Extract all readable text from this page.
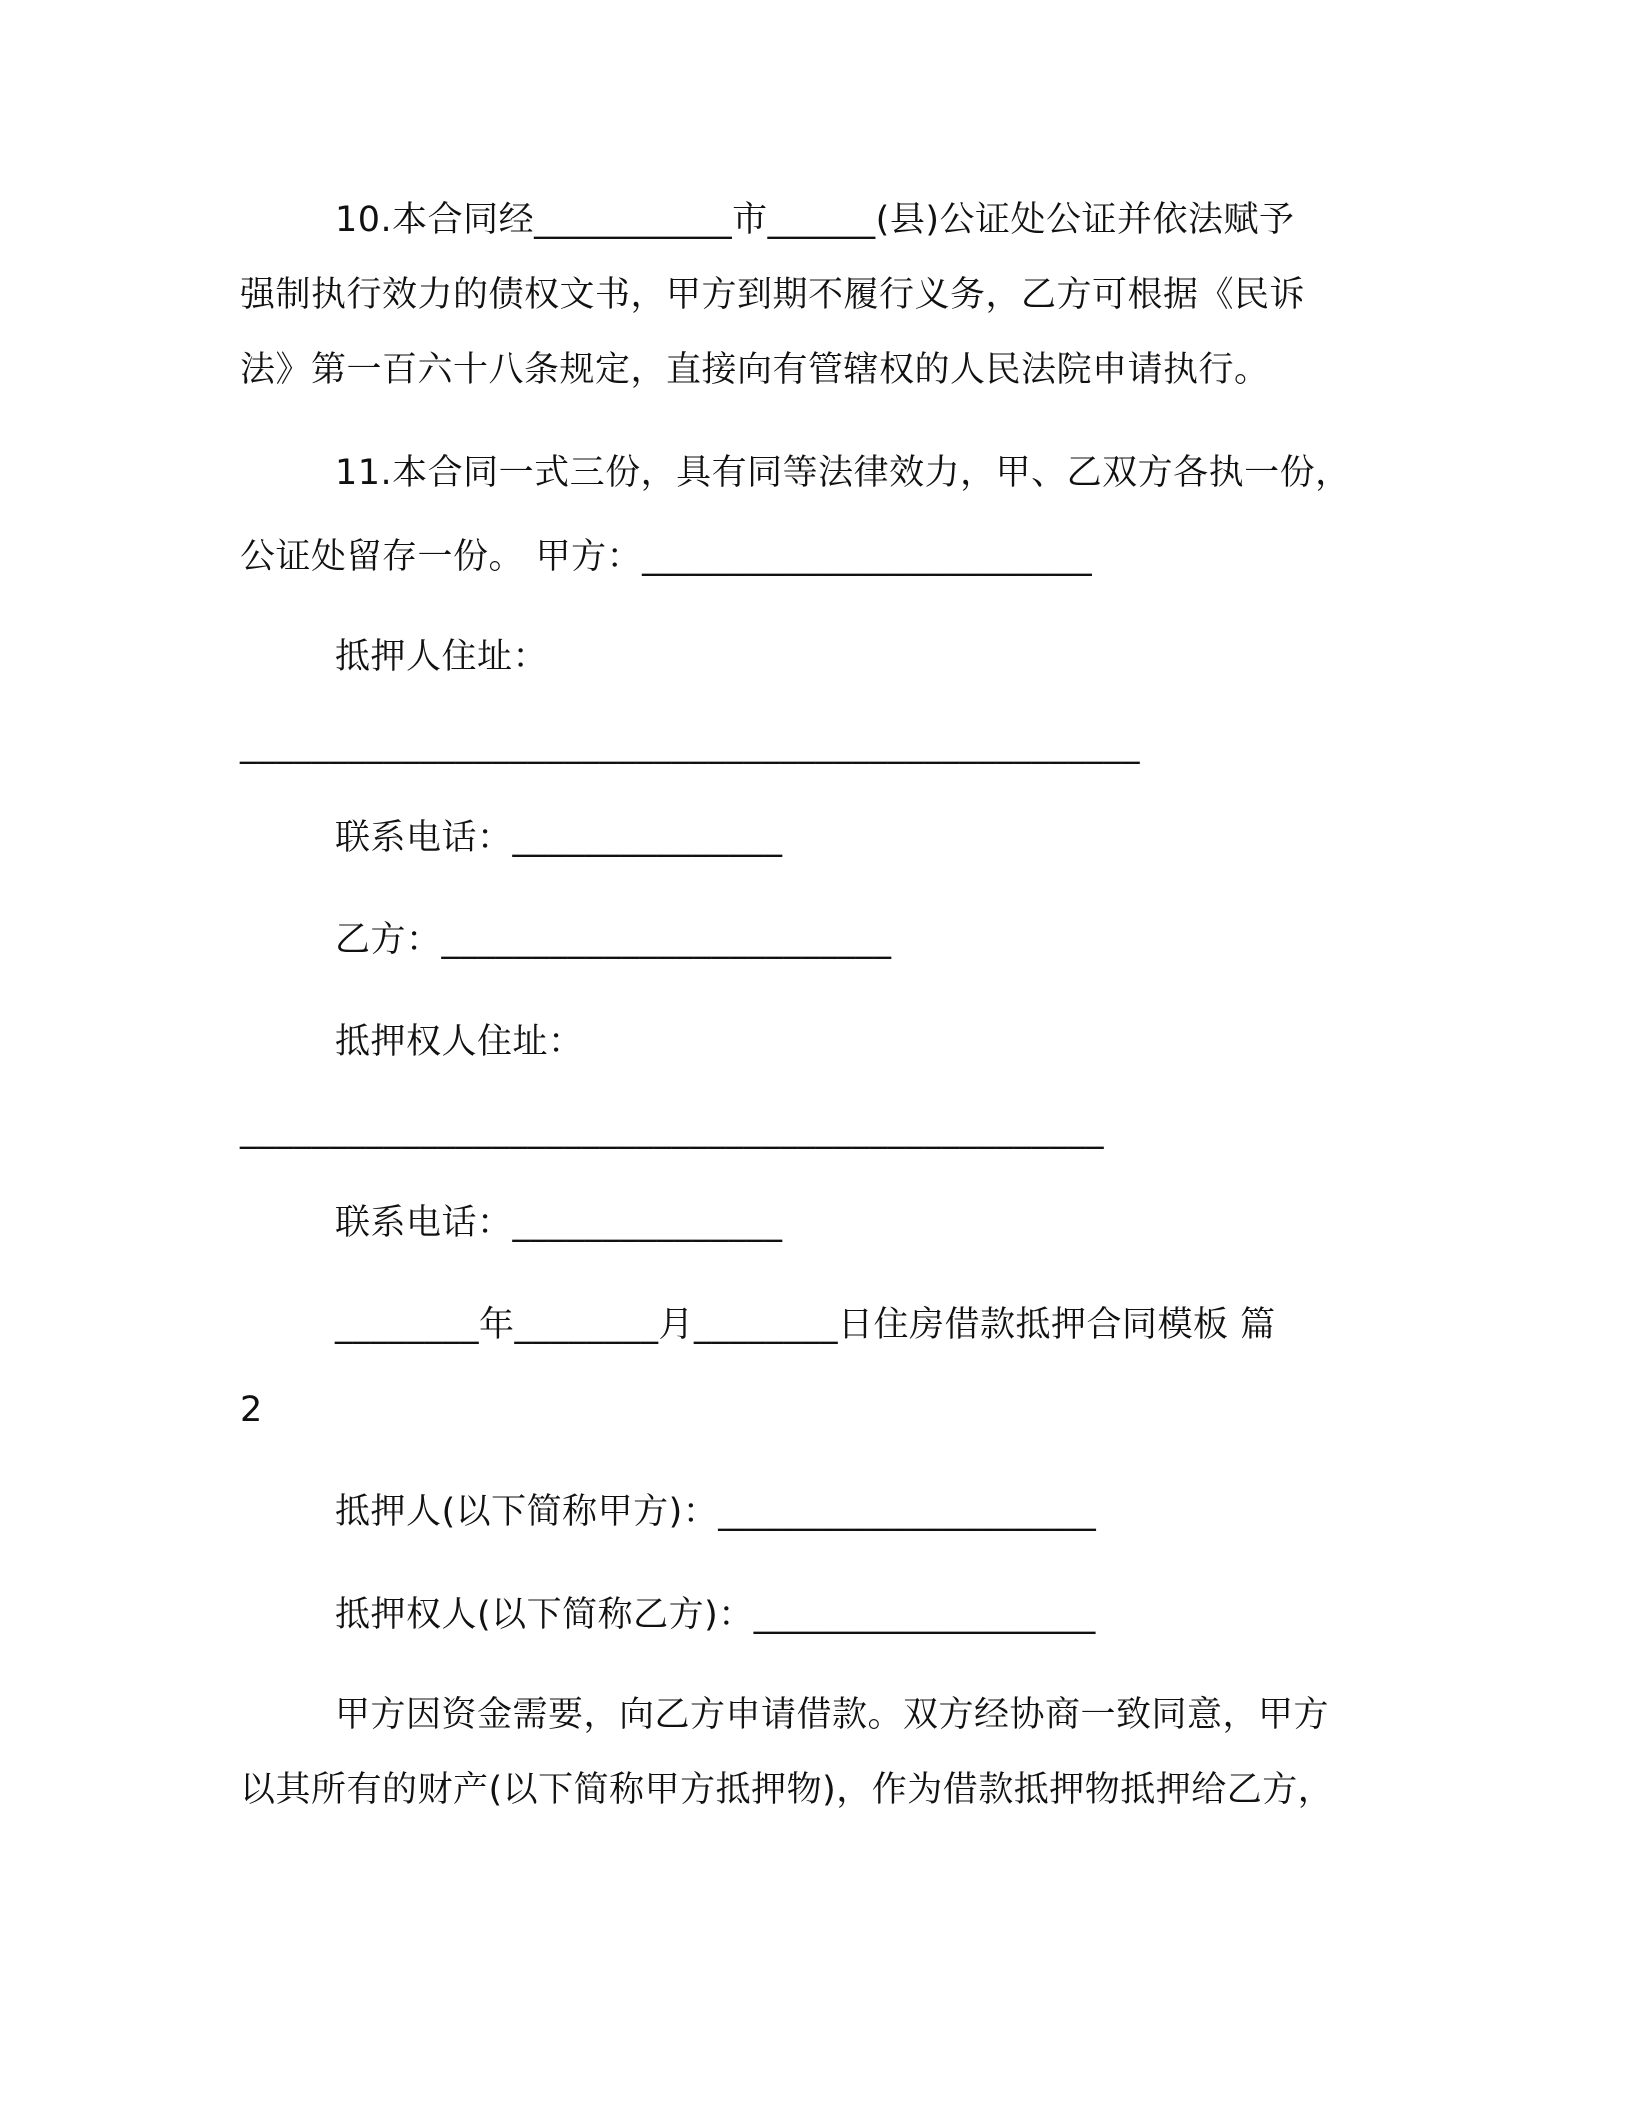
10.本合同经___________市______(县)公证处公证并依法赋予
强制执行效力的债权文书，甲方到期不履行义务，乙方可根据《民诉
法》第一百六十八条规定，直接向有管辖权的人民法院申请执行。
11.本合同一式三份，具有同等法律效力，甲、乙双方各执一份，
公证处留存一份。 甲方：_________________________
抵押人住址：
__________________________________________________
联系电话：_______________
乙方：_________________________
抵押权人住址：
________________________________________________
联系电话：_______________
________年________月________日住房借款抵押合同模板 篇
2
抵押人(以下简称甲方)：_____________________
抵押权人(以下简称乙方)：___________________
甲方因资金需要，向乙方申请借款。双方经协商一致同意，甲方
以其所有的财产(以下简称甲方抵押物)，作为借款抵押物抵押给乙方，
